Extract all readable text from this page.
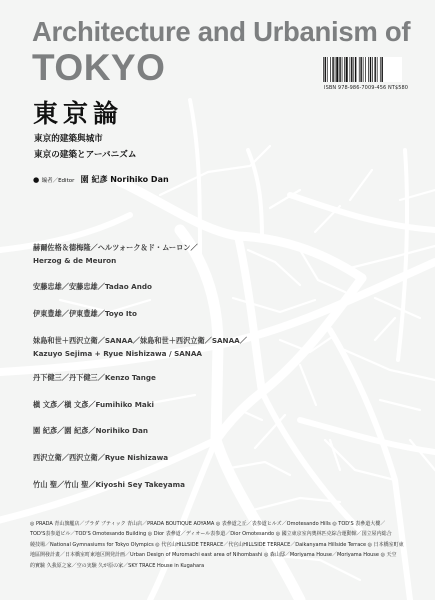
Architecture and Urbanism of
TOKYO
ISBN 978-986-7009-456 NT$580
東京論
東京的建築與城市
東京の建築とアーバニズム
● 編者／Editor 園 紀彥 Norihiko Dan
赫爾佐格＆德梅隆／ヘルツォーク＆ド・ムーロン／
Herzog & de Meuron
安藤忠雄／安藤忠雄／Tadao Ando
伊東豊雄／伊東豊雄／Toyo Ito
妹島和世＋西沢立衛／SANAA／妹島和世＋西沢立衛／SANAA／
Kazuyo Sejima + Ryue Nishizawa / SANAA
丹下健三／丹下健三／Kenzo Tange
槇 文彥／槇 文彥／Fumihiko Maki
園 紀彥／園 紀彥／Norihiko Dan
西沢立衛／西沢立衛／Ryue Nishizawa
竹山 聖／竹山 聖／Kiyoshi Sey Takeyama
◎ PRADA 青山旗艦店／プラダ ブティック 青山店／PRADA BOUTIQUE AOYAMA ◎ 表參道之丘／表参道ヒルズ／Omotesando Hills ◎ TOD'S 表參道大樓／
TOD'S表参道ビル／TOD'S Omotesando Building ◎ Dior 表參道／ディオール表参道／Dior Omotesando ◎ 國立東京室內奧林匹克綜合運動館／国立屋内総合
競技場／National Gymnasiums for Tokyo Olympics ◎ 代官山HILLSIDE TERRACE／代官山HILLSIDE TERRACE／Daikanyama Hillside Terrace ◎ 日本橋室町東
地區開發計畫／日本橋室町東地区開発計画／Urban Design of Muromachi east area of Nihombashi ◎ 森山邸／Moriyama House／Moriyama House ◎ 天空
的實驗 久我原之家／空の実験 久が原の家／SKY TRACE House in Kugahara
